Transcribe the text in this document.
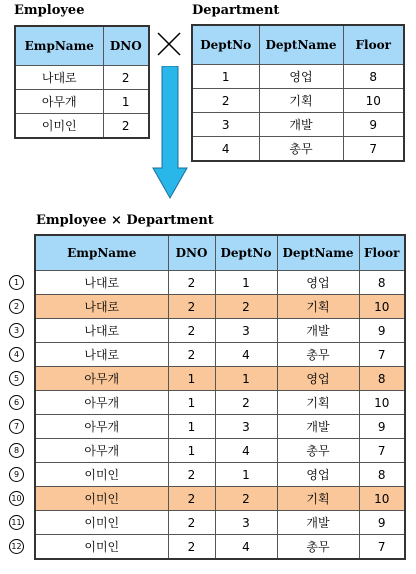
Employee
EmpName	DNO
나대로	2
아무개	1
이미인	2
Department
DeptNo	DeptName	Floor
1	영업	8
2	기획	10
3	개발	9
4	총무	7
Employee × Department
1
2
3
4
5
6
7
8
9
10
11
12
EmpName	DNO	DeptNo	DeptName	Floor
나대로	2	1	영업	8
나대로	2	2	기획	10
나대로	2	3	개발	9
나대로	2	4	총무	7
아무개	1	1	영업	8
아무개	1	2	기획	10
아무개	1	3	개발	9
아무개	1	4	총무	7
이미인	2	1	영업	8
이미인	2	2	기획	10
이미인	2	3	개발	9
이미인	2	4	총무	7
